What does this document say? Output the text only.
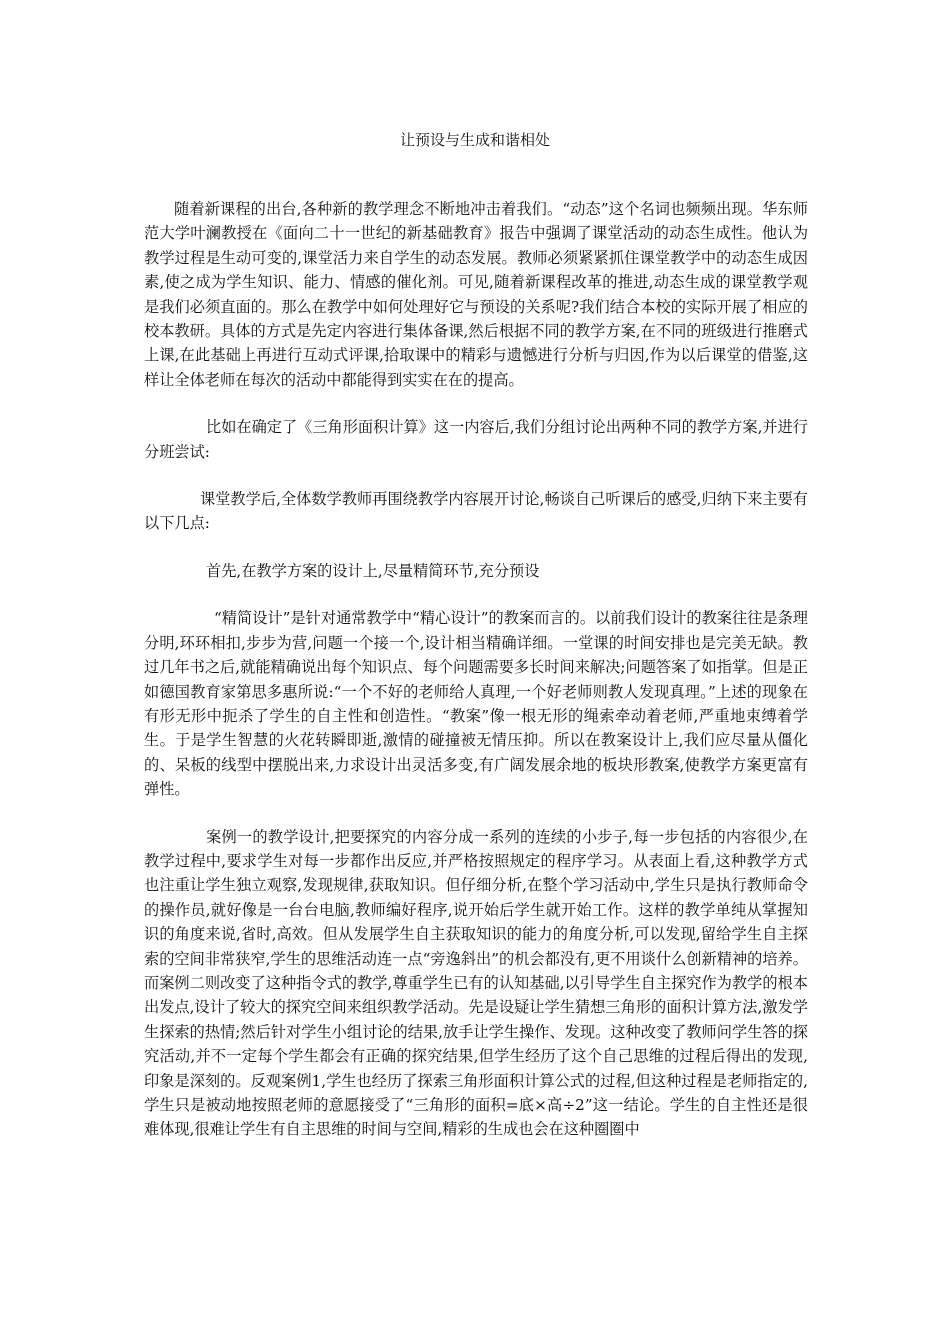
让预设与生成和谐相处

随着新课程的出台,各种新的教学理念不断地冲击着我们。“动态”这个名词也频频出现。华东师范大学叶澜教授在《面向二十一世纪的新基础教育》报告中强调了课堂活动的动态生成性。他认为教学过程是生动可变的,课堂活力来自学生的动态发展。教师必须紧紧抓住课堂教学中的动态生成因素,使之成为学生知识、能力、情感的催化剂。可见,随着新课程改革的推进,动态生成的课堂教学观是我们必须直面的。那么在教学中如何处理好它与预设的关系呢?我们结合本校的实际开展了相应的校本教研。具体的方式是先定内容进行集体备课,然后根据不同的教学方案,在不同的班级进行推磨式上课,在此基础上再进行互动式评课,拾取课中的精彩与遗憾进行分析与归因,作为以后课堂的借鉴,这样让全体老师在每次的活动中都能得到实实在在的提高。

比如在确定了《三角形面积计算》这一内容后,我们分组讨论出两种不同的教学方案,并进行分班尝试:

课堂教学后,全体数学教师再围绕教学内容展开讨论,畅谈自己听课后的感受,归纳下来主要有以下几点:

首先,在教学方案的设计上,尽量精简环节,充分预设

“精简设计”是针对通常教学中“精心设计”的教案而言的。以前我们设计的教案往往是条理分明,环环相扣,步步为营,问题一个接一个,设计相当精确详细。一堂课的时间安排也是完美无缺。教过几年书之后,就能精确说出每个知识点、每个问题需要多长时间来解决;问题答案了如指掌。但是正如德国教育家第思多惠所说:“一个不好的老师给人真理,一个好老师则教人发现真理。”上述的现象在有形无形中扼杀了学生的自主性和创造性。“教案”像一根无形的绳索牵动着老师,严重地束缚着学生。于是学生智慧的火花转瞬即逝,激情的碰撞被无情压抑。所以在教案设计上,我们应尽量从僵化的、呆板的线型中摆脱出来,力求设计出灵活多变,有广阔发展余地的板块形教案,使教学方案更富有弹性。

案例一的教学设计,把要探究的内容分成一系列的连续的小步子,每一步包括的内容很少,在教学过程中,要求学生对每一步都作出反应,并严格按照规定的程序学习。从表面上看,这种教学方式也注重让学生独立观察,发现规律,获取知识。但仔细分析,在整个学习活动中,学生只是执行教师命令的操作员,就好像是一台台电脑,教师编好程序,说开始后学生就开始工作。这样的教学单纯从掌握知识的角度来说,省时,高效。但从发展学生自主获取知识的能力的角度分析,可以发现,留给学生自主探索的空间非常狭窄,学生的思维活动连一点“旁逸斜出”的机会都没有,更不用谈什么创新精神的培养。而案例二则改变了这种指令式的教学,尊重学生已有的认知基础,以引导学生自主探究作为教学的根本出发点,设计了较大的探究空间来组织教学活动。先是设疑让学生猜想三角形的面积计算方法,激发学生探索的热情;然后针对学生小组讨论的结果,放手让学生操作、发现。这种改变了教师问学生答的探究活动,并不一定每个学生都会有正确的探究结果,但学生经历了这个自己思维的过程后得出的发现,印象是深刻的。反观案例1,学生也经历了探索三角形面积计算公式的过程,但这种过程是老师指定的,学生只是被动地按照老师的意愿接受了“三角形的面积=底×高÷2”这一结论。学生的自主性还是很难体现,很难让学生有自主思维的时间与空间,精彩的生成也会在这种圈圈中
